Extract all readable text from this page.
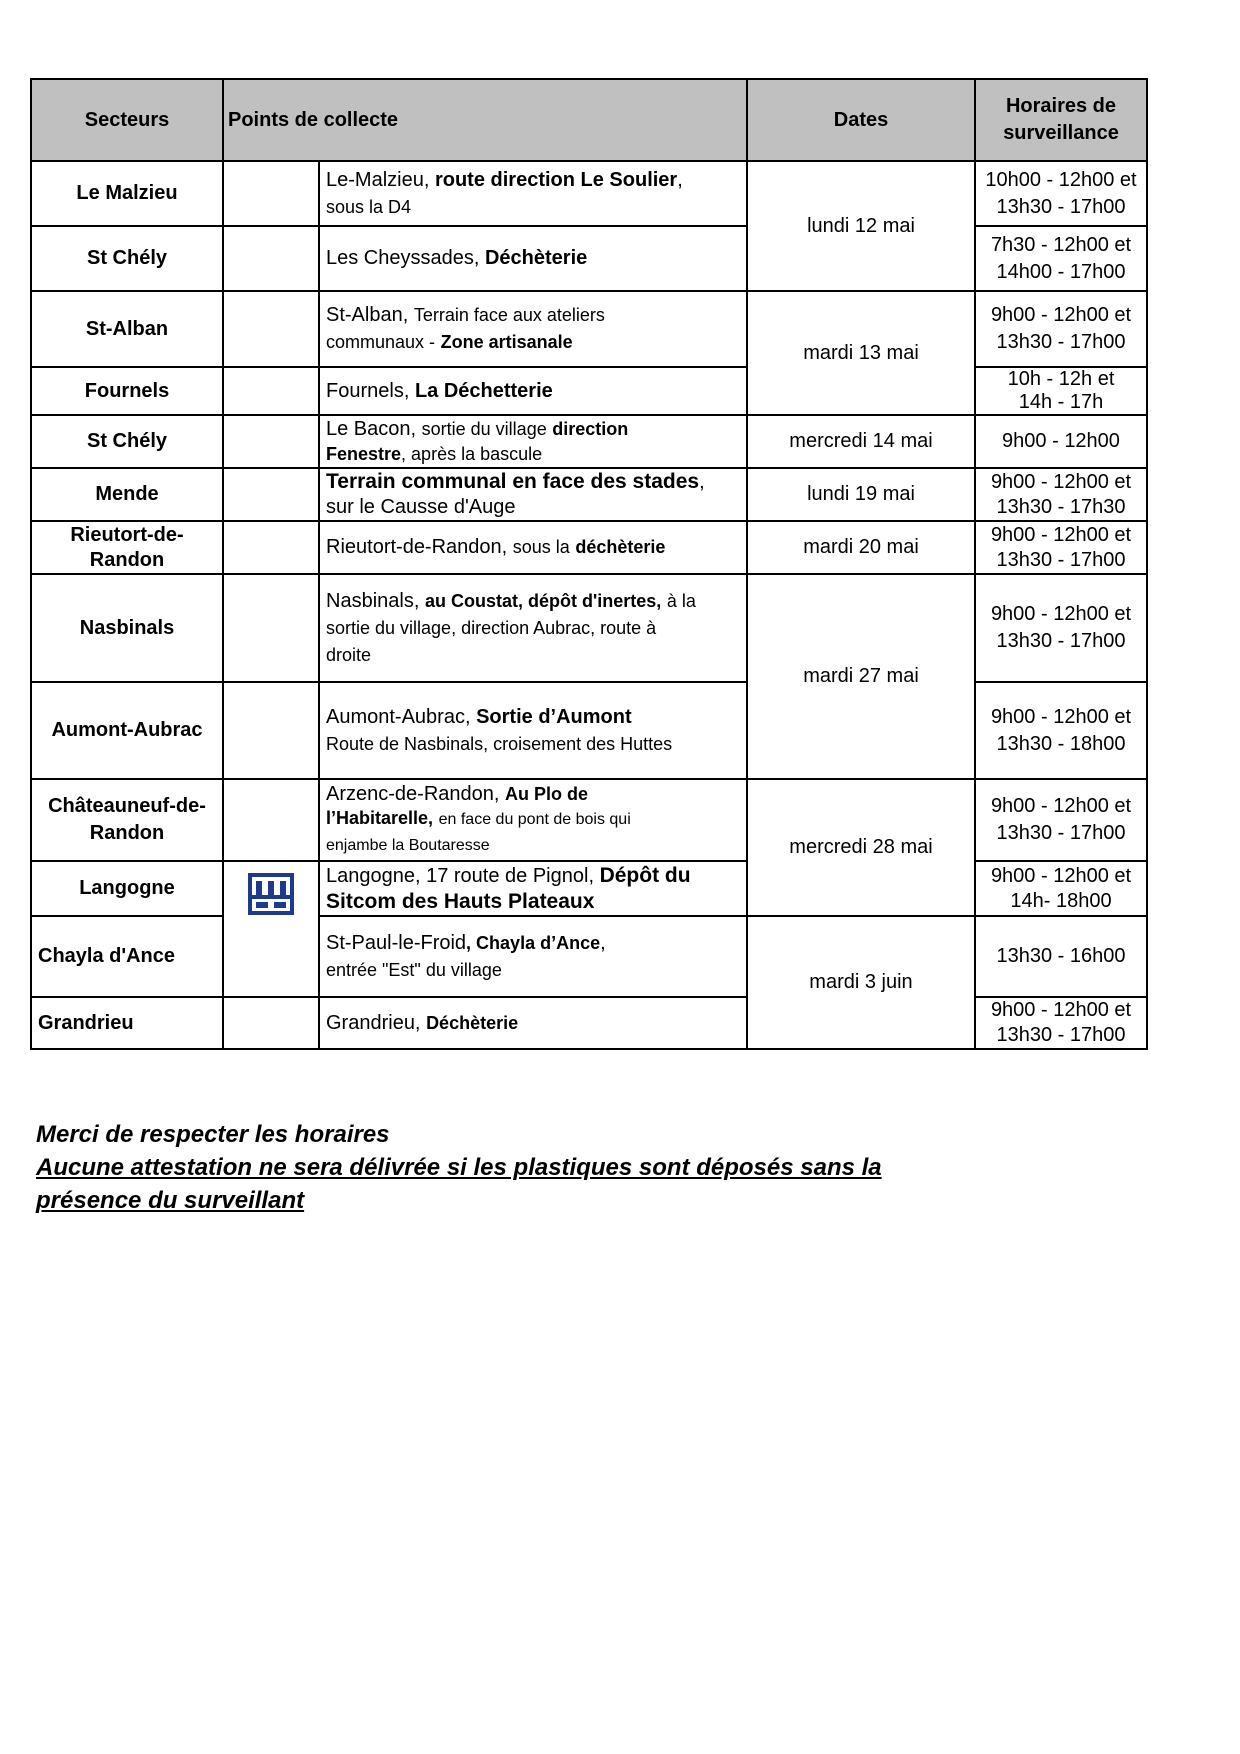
Secteurs	Points de collecte		Dates	Horaires de
surveillance
Le Malzieu		Le-Malzieu, route direction Le Soulier,
sous la D4	lundi 12 mai	10h00 - 12h00 et
13h30 - 17h00
St Chély		Les Cheyssades, Déchèterie		7h30 - 12h00 et
14h00 - 17h00
St-Alban		St-Alban, Terrain face aux ateliers
communaux - Zone artisanale	mardi 13 mai	9h00 - 12h00 et
13h30 - 17h00
Fournels		Fournels, La Déchetterie		10h - 12h et
14h - 17h
St Chély		Le Bacon, sortie du village direction
Fenestre, après la bascule	mercredi 14 mai	9h00 - 12h00
Mende		Terrain communal en face des stades,
sur le Causse d'Auge	lundi 19 mai	9h00 - 12h00 et
13h30 - 17h30
Rieutort-de-Randon		Rieutort-de-Randon, sous la déchèterie	mardi 20 mai	9h00 - 12h00 et
13h30 - 17h00
Nasbinals		Nasbinals, au Coustat, dépôt d'inertes, à la
sortie du village, direction Aubrac, route à
droite	mardi 27 mai	9h00 - 12h00 et
13h30 - 17h00
Aumont-Aubrac		Aumont-Aubrac, Sortie d’Aumont
Route de Nasbinals, croisement des Huttes		9h00 - 12h00 et
13h30 - 18h00
Châteauneuf-de-Randon		Arzenc-de-Randon, Au Plo de
l’Habitarelle, en face du pont de bois qui
enjambe la Boutaresse	mercredi 28 mai	9h00 - 12h00 et
13h30 - 17h00
Langogne		Langogne, 17 route de Pignol, Dépôt du
Sitcom des Hauts Plateaux		9h00 - 12h00 et
14h- 18h00
Chayla d'Ance		St-Paul-le-Froid, Chayla d’Ance,
entrée "Est" du village	mardi 3 juin	13h30 - 16h00
Grandrieu		Grandrieu, Déchèterie		9h00 - 12h00 et
13h30 - 17h00
Merci de respecter les horaires
Aucune attestation ne sera délivrée si les plastiques sont déposés sans la
présence du surveillant
